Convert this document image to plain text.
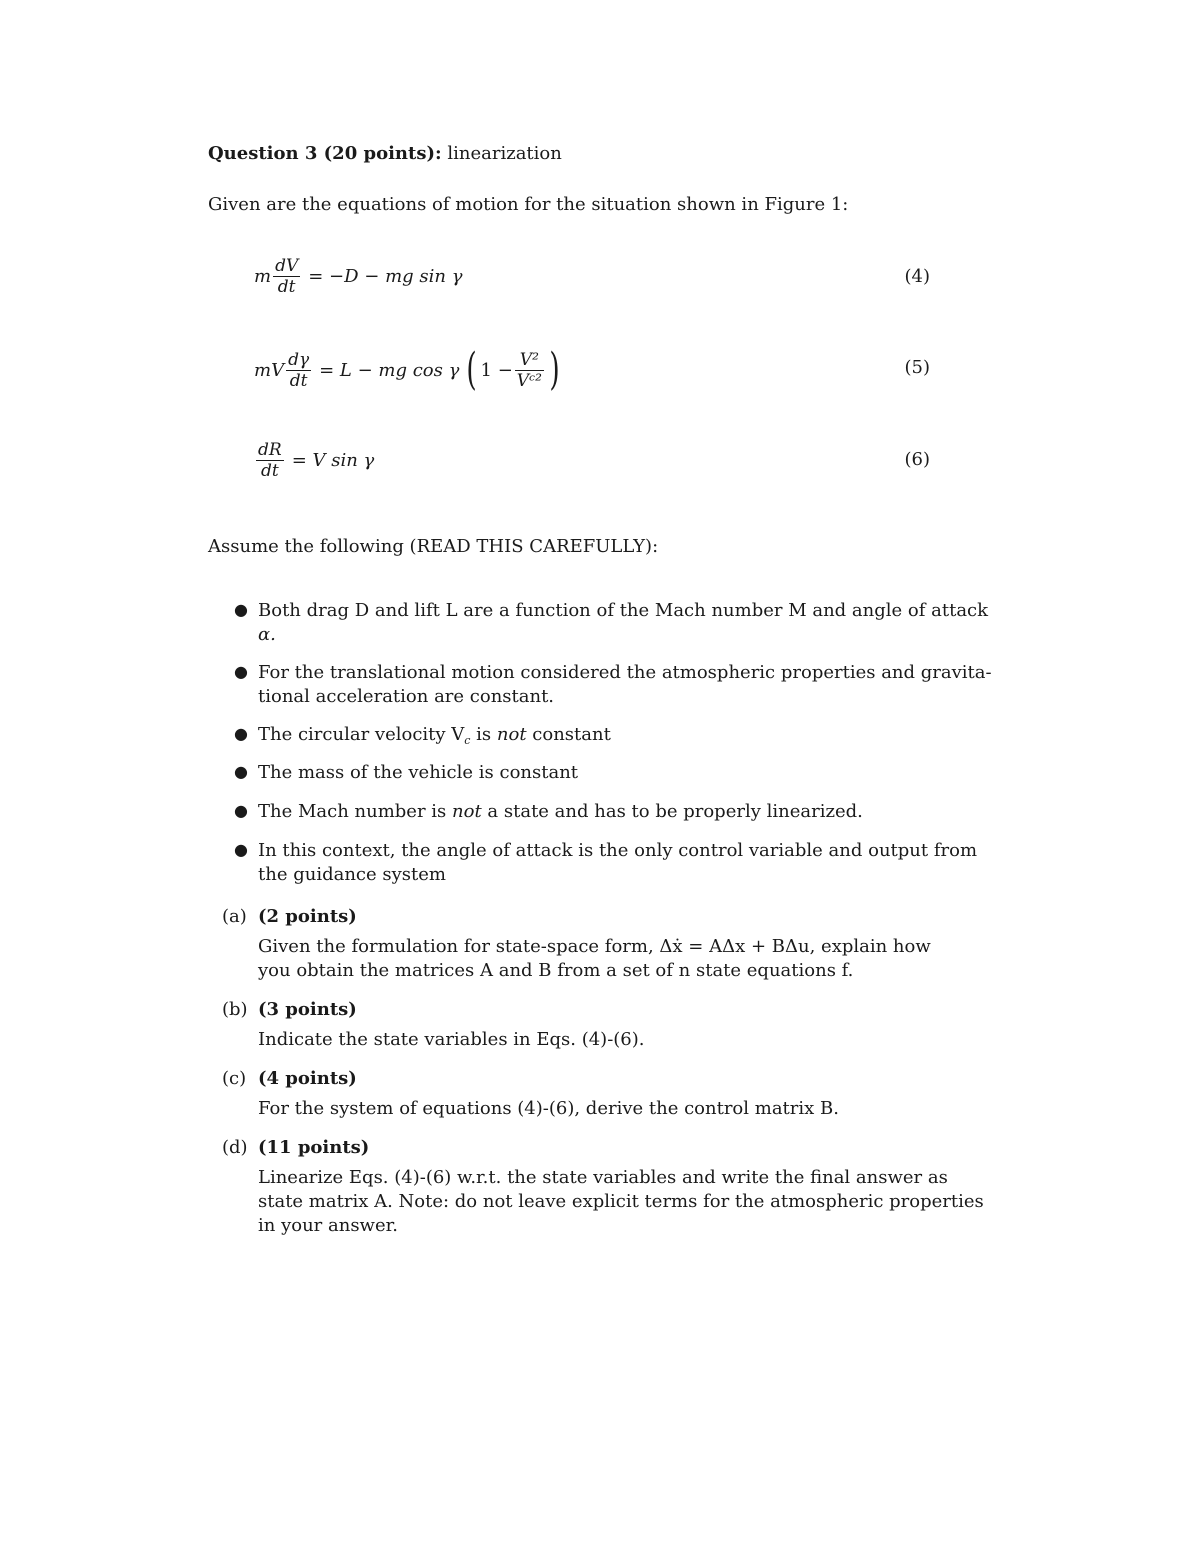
Question 3 (20 points): linearization
Given are the equations of motion for the situation shown in Figure 1:
m $\frac{dV}{dt} = -D$ − mg sin γ	(4)
mV $\frac{d\gamma}{dt} = L$ − mg cos γ ( $1 - \frac{\text{V²}}{\text{Vᶜ²}}$ )	(5)
$\frac{dR}{dt} = V$ sin γ	(6)
Assume the following (READ THIS CAREFULLY):
● Both drag D and lift L are a function of the Mach number M and angle of attack
α.
● For the translational motion considered the atmospheric properties and gravita-
tional acceleration are constant.
● The circular velocity $V_c$ is not constant
● The mass of the vehicle is constant
● The Mach number is not a state and has to be properly linearized.
● In this context, the angle of attack is the only control variable and output from
the guidance system
(a) (2 points)
Given the formulation for state-space form, Δẋ = AΔx + BΔu, explain how
you obtain the matrices A and B from a set of n state equations f.
(b) (3 points)
Indicate the state variables in Eqs. (4)-(6).
(c) (4 points)
For the system of equations (4)-(6), derive the control matrix B.
(d) (11 points)
Linearize Eqs. (4)-(6) w.r.t. the state variables and write the final answer as
state matrix A. Note: do not leave explicit terms for the atmospheric properties
in your answer.
